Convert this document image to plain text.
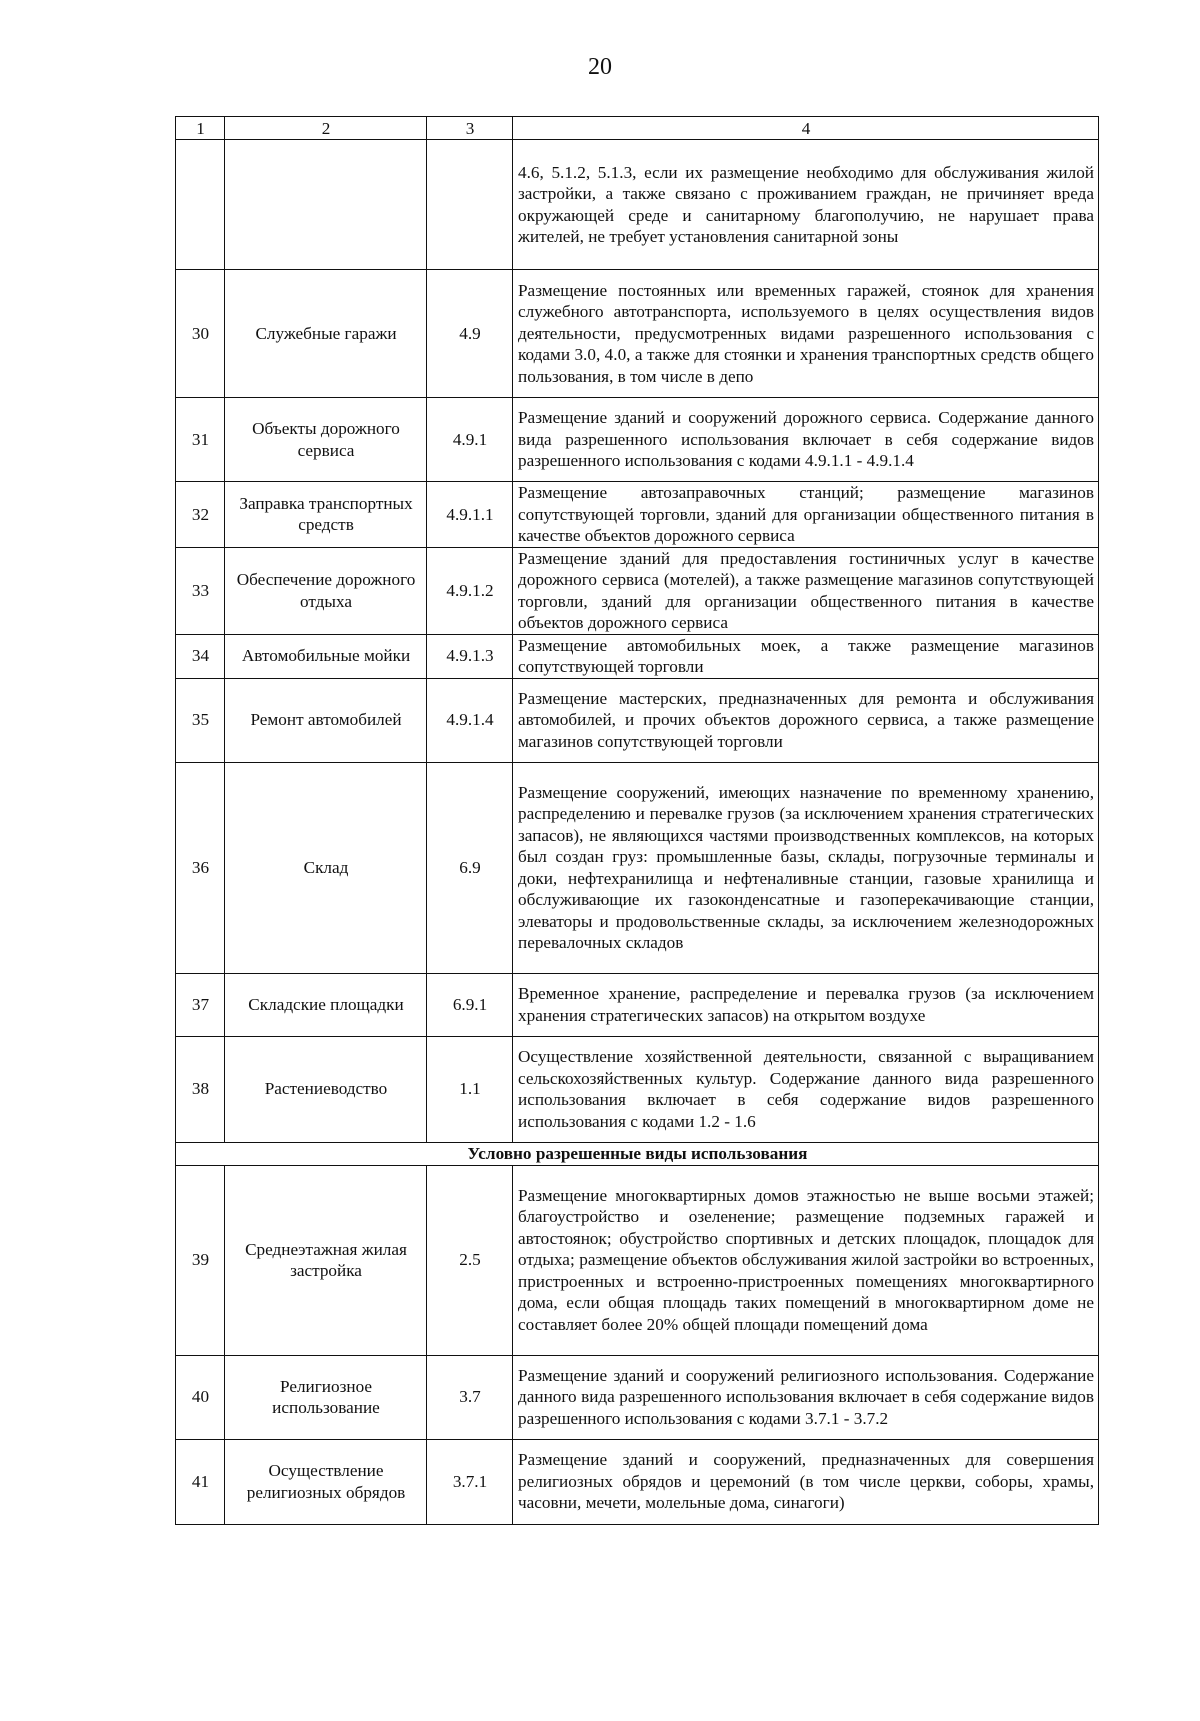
20
1	2	3	4
			4.6, 5.1.2, 5.1.3, если их размещение необходимо для обслуживания жилой застройки, а также связано с проживанием граждан, не причиняет вреда окружающей среде и санитарному благополучию, не нарушает права жителей, не требует установления санитарной зоны
30	Служебные гаражи	4.9	Размещение постоянных или временных гаражей, стоянок для хранения служебного автотранспорта, используемого в целях осуществления видов деятельности, предусмотренных видами разрешенного использования с кодами 3.0, 4.0, а также для стоянки и хранения транспортных средств общего пользования, в том числе в депо
31	Объекты дорожного сервиса	4.9.1	Размещение зданий и сооружений дорожного сервиса. Содержание данного вида разрешенного использования включает в себя содержание видов разрешенного использования с кодами 4.9.1.1 - 4.9.1.4
32	Заправка транспортных средств	4.9.1.1	Размещение автозаправочных станций; размещение магазинов сопутствующей торговли, зданий для организации общественного питания в качестве объектов дорожного сервиса
33	Обеспечение дорожного отдыха	4.9.1.2	Размещение зданий для предоставления гостиничных услуг в качестве дорожного сервиса (мотелей), а также размещение магазинов сопутствующей торговли, зданий для организации общественного питания в качестве объектов дорожного сервиса
34	Автомобильные мойки	4.9.1.3	Размещение автомобильных моек, а также размещение магазинов сопутствующей торговли
35	Ремонт автомобилей	4.9.1.4	Размещение мастерских, предназначенных для ремонта и обслуживания автомобилей, и прочих объектов дорожного сервиса, а также размещение магазинов сопутствующей торговли
36	Склад	6.9	Размещение сооружений, имеющих назначение по временному хранению, распределению и перевалке грузов (за исключением хранения стратегических запасов), не являющихся частями производственных комплексов, на которых был создан груз: промышленные базы, склады, погрузочные терминалы и доки, нефтехранилища и нефтеналивные станции, газовые хранилища и обслуживающие их газоконденсатные и газоперекачивающие станции, элеваторы и продовольственные склады, за исключением железнодорожных перевалочных складов
37	Складские площадки	6.9.1	Временное хранение, распределение и перевалка грузов (за исключением хранения стратегических запасов) на открытом воздухе
38	Растениеводство	1.1	Осуществление хозяйственной деятельности, связанной с выращиванием сельскохозяйственных культур. Содержание данного вида разрешенного использования включает в себя содержание видов разрешенного использования с кодами 1.2 - 1.6
Условно разрешенные виды использования			
39	Среднеэтажная жилая застройка	2.5	Размещение многоквартирных домов этажностью не выше восьми этажей; благоустройство и озеленение; размещение подземных гаражей и автостоянок; обустройство спортивных и детских площадок, площадок для отдыха; размещение объектов обслуживания жилой застройки во встроенных, пристроенных и встроенно-пристроенных помещениях многоквартирного дома, если общая площадь таких помещений в многоквартирном доме не составляет более 20% общей площади помещений дома
40	Религиозное использование	3.7	Размещение зданий и сооружений религиозного использования. Содержание данного вида разрешенного использования включает в себя содержание видов разрешенного использования с кодами 3.7.1 - 3.7.2
41	Осуществление религиозных обрядов	3.7.1	Размещение зданий и сооружений, предназначенных для совершения религиозных обрядов и церемоний (в том числе церкви, соборы, храмы, часовни, мечети, молельные дома, синагоги)
